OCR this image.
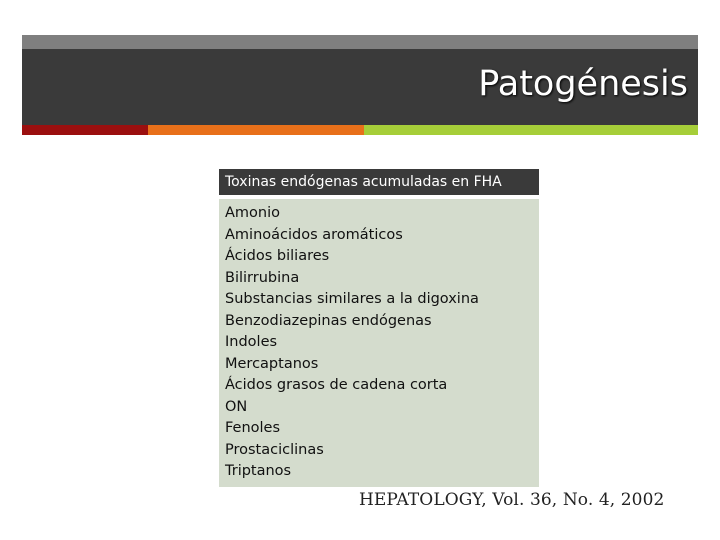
Patogénesis
Toxinas endógenas acumuladas en FHA
Amonio
Aminoácidos aromáticos
Ácidos biliares
Bilirrubina
Substancias similares a la digoxina
Benzodiazepinas endógenas
Indoles
Mercaptanos
Ácidos grasos de cadena corta
ON
Fenoles
Prostaciclinas
Triptanos
HEPATOLOGY, Vol. 36, No. 4, 2002
